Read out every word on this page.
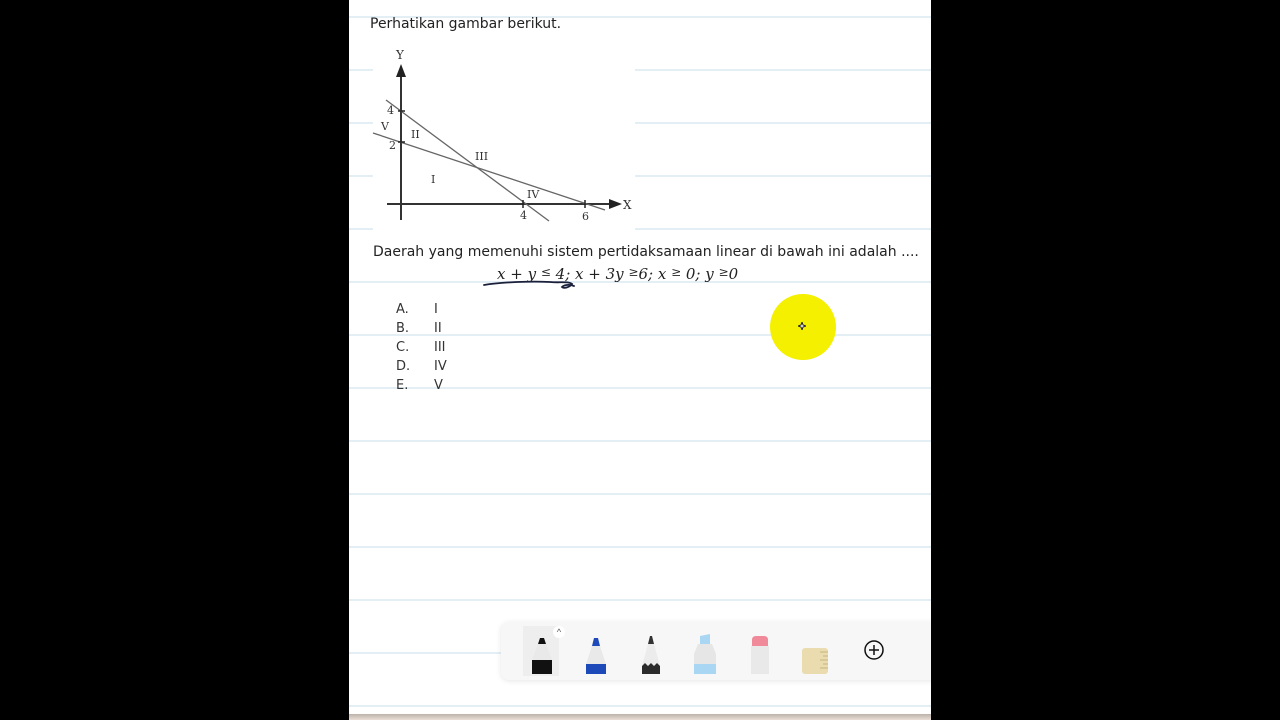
Perhatikan gambar berikut.
Y
X
4
2
4	6
I
II
III
IV
V
Daerah yang memenuhi sistem pertidaksamaan linear di bawah ini adalah ....
x + y ≤ 4; x + 3y ≥6; x ≥ 0; y ≥0
A.	I
B.	II
C.	III
D.	IV
E.	V
^
